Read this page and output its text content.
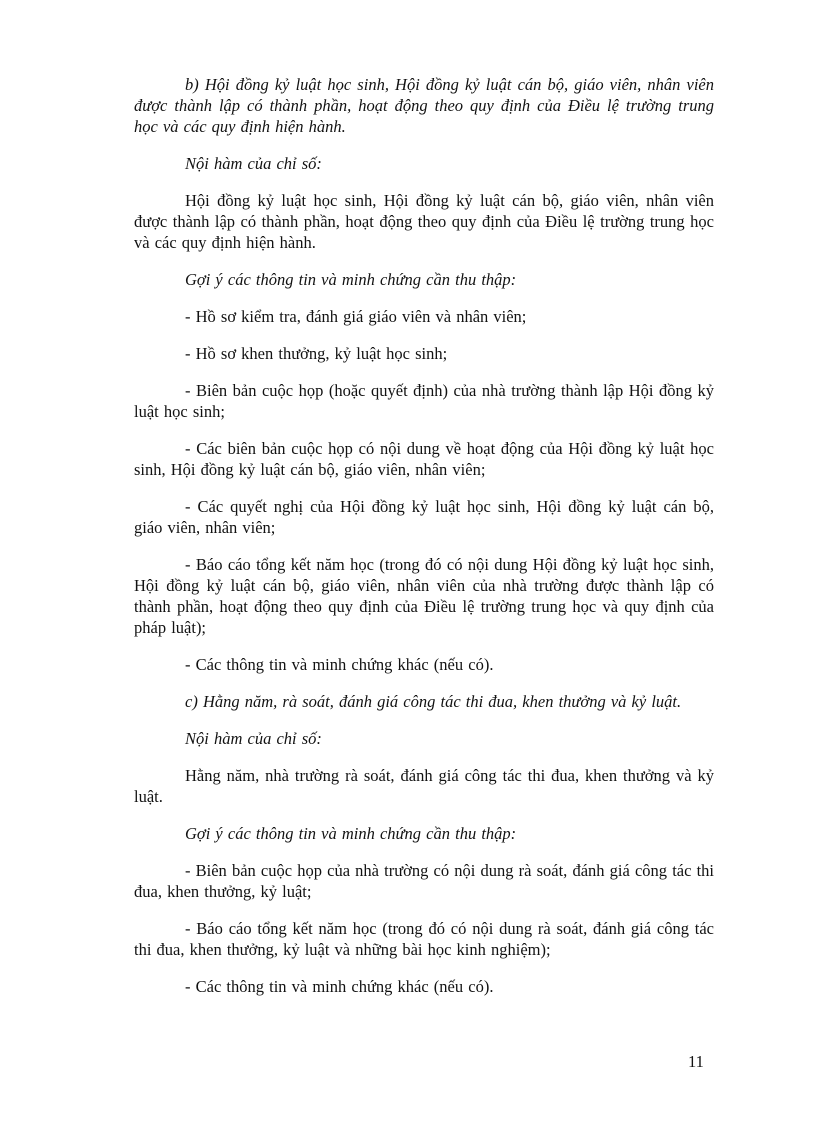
b) Hội đồng kỷ luật học sinh, Hội đồng kỷ luật cán bộ, giáo viên, nhân viên được thành lập có thành phần, hoạt động theo quy định của Điều lệ trường trung học và các quy định hiện hành.

Nội hàm của chỉ số:

Hội đồng kỷ luật học sinh, Hội đồng kỷ luật cán bộ, giáo viên, nhân viên được thành lập có thành phần, hoạt động theo quy định của Điều lệ trường trung học và các quy định hiện hành.

Gợi ý các thông tin và minh chứng cần thu thập:

- Hồ sơ kiểm tra, đánh giá giáo viên và nhân viên;

- Hồ sơ khen thưởng, kỷ luật học sinh;

- Biên bản cuộc họp (hoặc quyết định) của nhà trường thành lập Hội đồng kỷ luật học sinh;

- Các biên bản cuộc họp có nội dung về hoạt động của Hội đồng kỷ luật học sinh, Hội đồng kỷ luật cán bộ, giáo viên, nhân viên;

- Các quyết nghị của Hội đồng kỷ luật học sinh, Hội đồng kỷ luật cán bộ, giáo viên, nhân viên;

- Báo cáo tổng kết năm học (trong đó có nội dung Hội đồng kỷ luật học sinh, Hội đồng kỷ luật cán bộ, giáo viên, nhân viên của nhà trường được thành lập có thành phần, hoạt động theo quy định của Điều lệ trường trung học và quy định của pháp luật);

- Các thông tin và minh chứng khác (nếu có).

c) Hằng năm, rà soát, đánh giá công tác thi đua, khen thưởng và kỷ luật.

Nội hàm của chỉ số:

Hằng năm, nhà trường rà soát, đánh giá công tác thi đua, khen thưởng và kỷ luật.

Gợi ý các thông tin và minh chứng cần thu thập:

- Biên bản cuộc họp của nhà trường có nội dung rà soát, đánh giá công tác thi đua, khen thưởng, kỷ luật;

- Báo cáo tổng kết năm học (trong đó có nội dung rà soát, đánh giá công tác thi đua, khen thưởng, kỷ luật và những bài học kinh nghiệm);

- Các thông tin và minh chứng khác (nếu có).

11
